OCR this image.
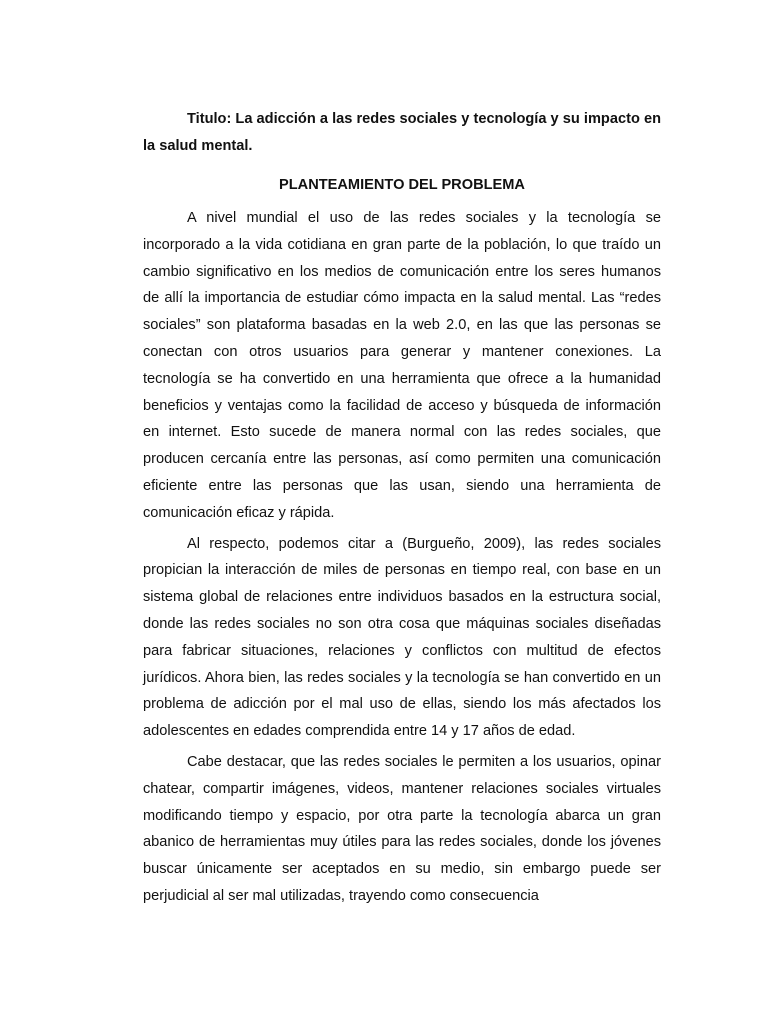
Titulo: La adicción a las redes sociales y tecnología y su impacto en la salud mental.

PLANTEAMIENTO DEL PROBLEMA

A nivel mundial el uso de las redes sociales y la tecnología se incorporado a la vida cotidiana en gran parte de la población, lo que traído un cambio significativo en los medios de comunicación entre los seres humanos de allí la importancia de estudiar cómo impacta en la salud mental. Las “redes sociales” son plataforma basadas en la web 2.0, en las que las personas se conectan con otros usuarios para generar y mantener conexiones. La tecnología se ha convertido en una herramienta que ofrece a la humanidad beneficios y ventajas como la facilidad de acceso y búsqueda de información en internet. Esto sucede de manera normal con las redes sociales, que producen cercanía entre las personas, así como permiten una comunicación eficiente entre las personas que las usan, siendo una herramienta de comunicación eficaz y rápida.

Al respecto, podemos citar a (Burgueño, 2009), las redes sociales propician la interacción de miles de personas en tiempo real, con base en un sistema global de relaciones entre individuos basados en la estructura social, donde las redes sociales no son otra cosa que máquinas sociales diseñadas para fabricar situaciones, relaciones y conflictos con multitud de efectos jurídicos. Ahora bien, las redes sociales y la tecnología se han convertido en un problema de adicción por el mal uso de ellas, siendo los más afectados los adolescentes en edades comprendida entre 14 y 17 años de edad.

Cabe destacar, que las redes sociales le permiten a los usuarios, opinar chatear, compartir imágenes, videos, mantener relaciones sociales virtuales modificando tiempo y espacio, por otra parte la tecnología abarca un gran abanico de herramientas muy útiles para las redes sociales, donde los jóvenes buscar únicamente ser aceptados en su medio, sin embargo puede ser perjudicial al ser mal utilizadas, trayendo como consecuencia
